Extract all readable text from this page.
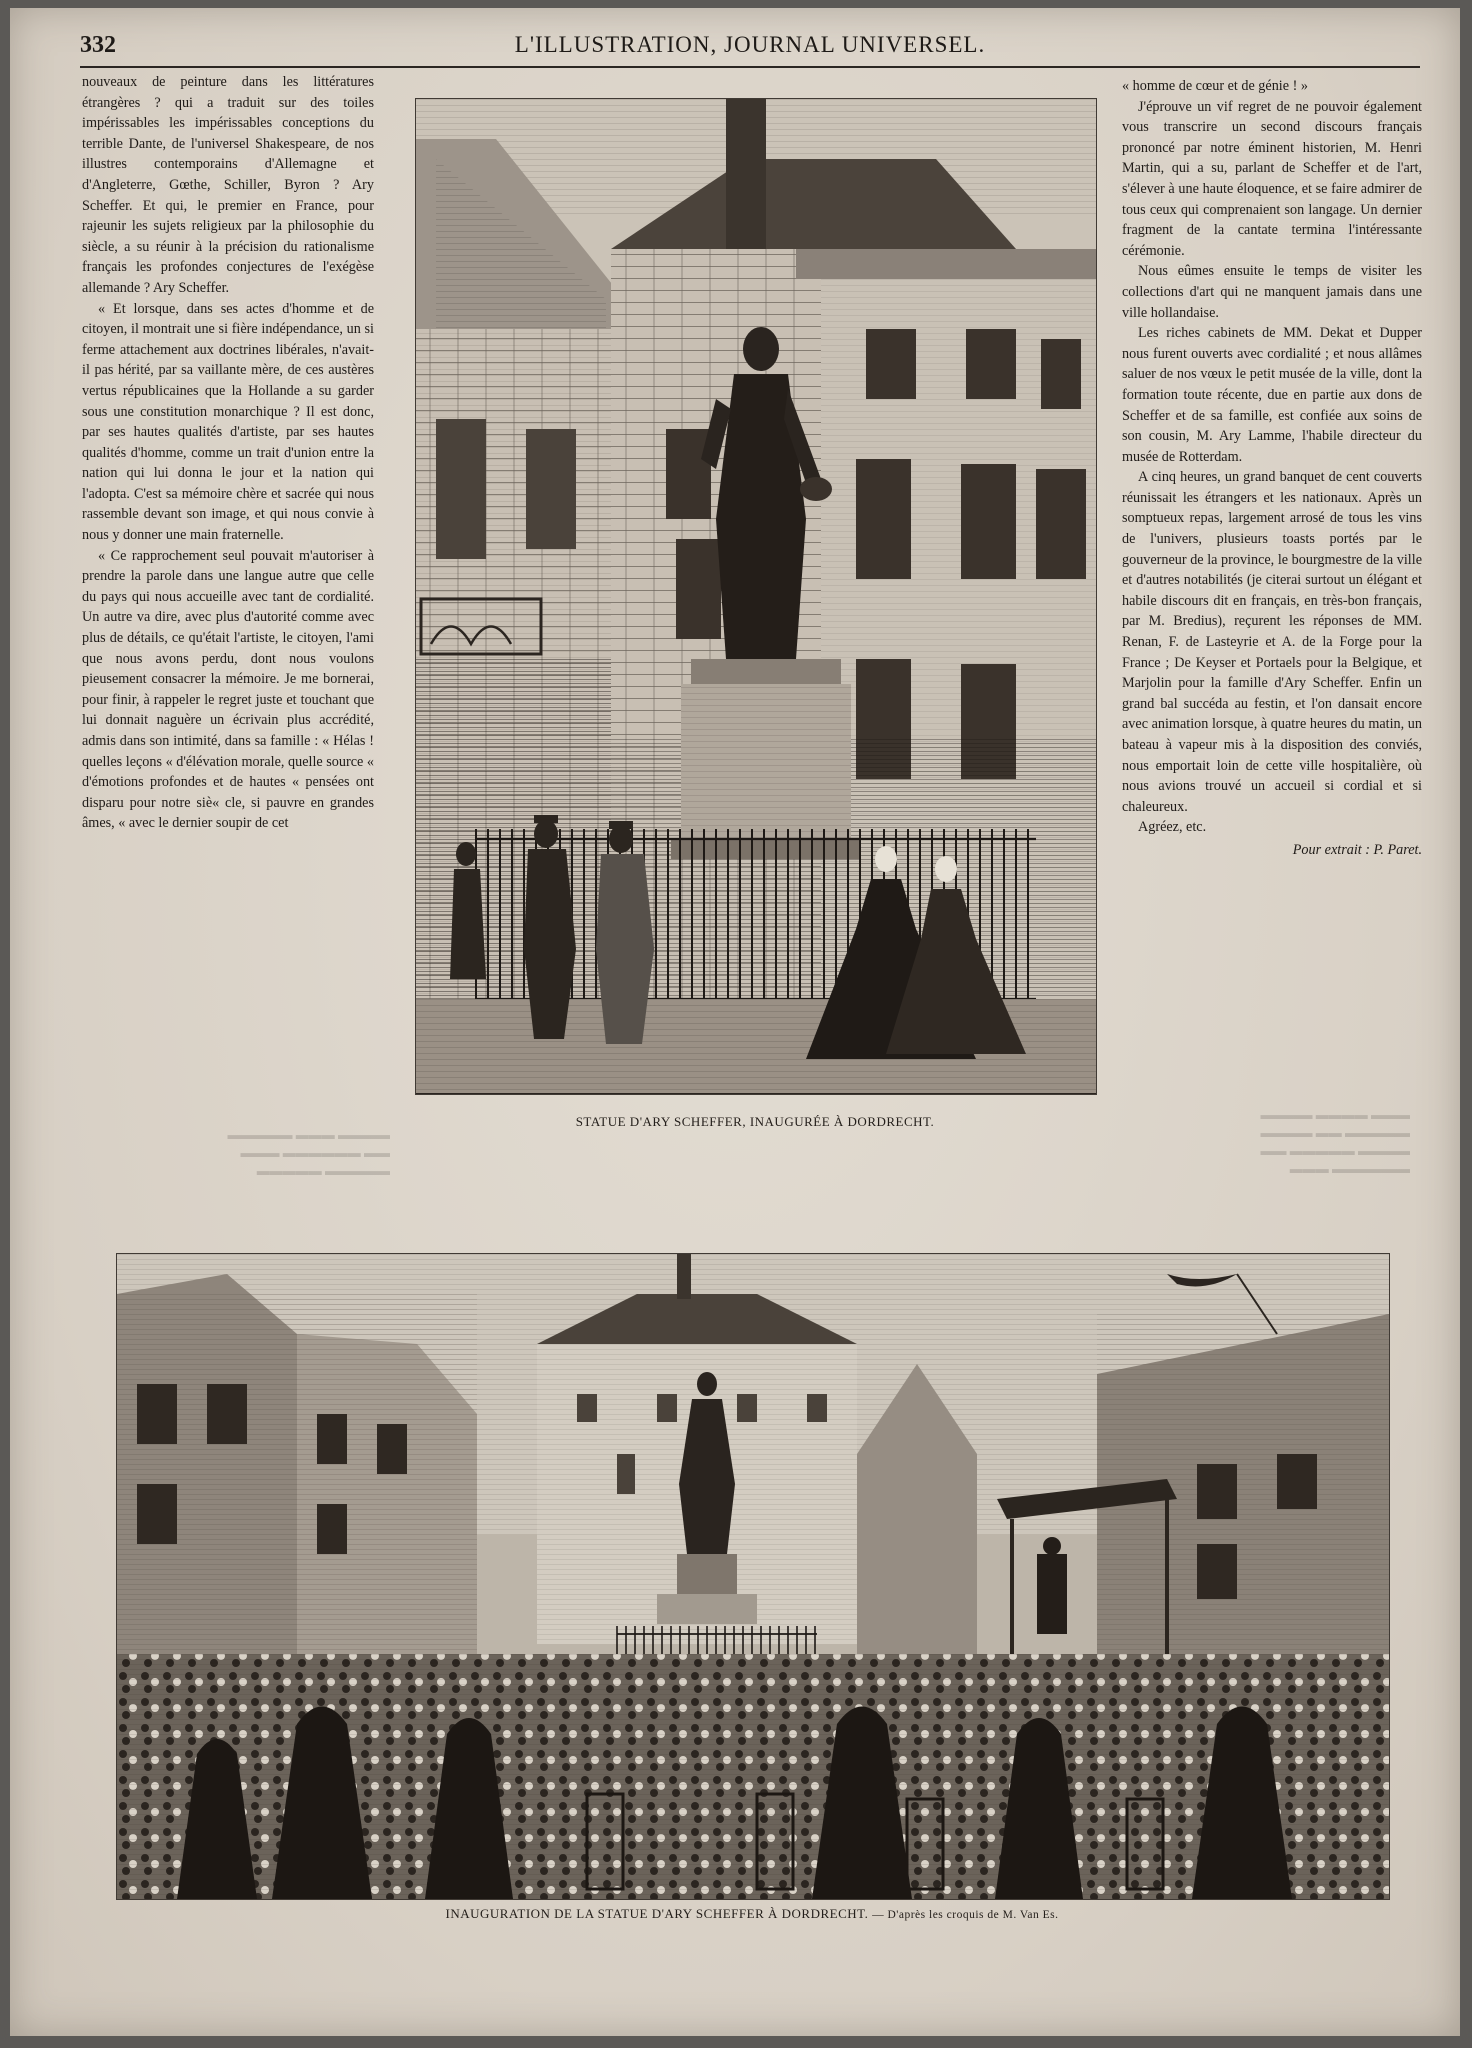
332	L'ILLUSTRATION, JOURNAL UNIVERSEL.

nouveaux de peinture dans les littératures étrangères ? qui a traduit sur des toiles impérissables les impérissables conceptions du terrible Dante, de l'universel Shakespeare, de nos illustres contemporains d'Allemagne et d'Angleterre, Gœthe, Schiller, Byron ? Ary Scheffer. Et qui, le premier en France, pour rajeunir les sujets religieux par la philosophie du siècle, a su réunir à la précision du rationalisme français les profondes conjectures de l'exégèse allemande ? Ary Scheffer.

« Et lorsque, dans ses actes d'homme et de citoyen, il montrait une si fière indépendance, un si ferme attachement aux doctrines libérales, n'avait-il pas hérité, par sa vaillante mère, de ces austères vertus républicaines que la Hollande a su garder sous une constitution monarchique ? Il est donc, par ses hautes qualités d'artiste, par ses hautes qualités d'homme, comme un trait d'union entre la nation qui lui donna le jour et la nation qui l'adopta. C'est sa mémoire chère et sacrée qui nous rassemble devant son image, et qui nous convie à nous y donner une main fraternelle.

« Ce rapprochement seul pouvait m'autoriser à prendre la parole dans une langue autre que celle du pays qui nous accueille avec tant de cordialité. Un autre va dire, avec plus d'autorité comme avec plus de détails, ce qu'était l'artiste, le citoyen, l'ami que nous avons perdu, dont nous voulons pieusement consacrer la mémoire. Je me bornerai, pour finir, à rappeler le regret juste et touchant que lui donnait naguère un écrivain plus accrédité, admis dans son intimité, dans sa famille : « Hélas ! quelles leçons « d'élévation morale, quelle source « d'émotions profondes et de hautes « pensées ont disparu pour notre siè« cle, si pauvre en grandes âmes, « avec le dernier soupir de cet

« homme de cœur et de génie ! »

J'éprouve un vif regret de ne pouvoir également vous transcrire un second discours français prononcé par notre éminent historien, M. Henri Martin, qui a su, parlant de Scheffer et de l'art, s'élever à une haute éloquence, et se faire admirer de tous ceux qui comprenaient son langage. Un dernier fragment de la cantate termina l'intéressante cérémonie.

Nous eûmes ensuite le temps de visiter les collections d'art qui ne manquent jamais dans une ville hollandaise.

Les riches cabinets de MM. Dekat et Dupper nous furent ouverts avec cordialité ; et nous allâmes saluer de nos vœux le petit musée de la ville, dont la formation toute récente, due en partie aux dons de Scheffer et de sa famille, est confiée aux soins de son cousin, M. Ary Lamme, l'habile directeur du musée de Rotterdam.

A cinq heures, un grand banquet de cent couverts réunissait les étrangers et les nationaux. Après un somptueux repas, largement arrosé de tous les vins de l'univers, plusieurs toasts portés par le gouverneur de la province, le bourgmestre de la ville et d'autres notabilités (je citerai surtout un élégant et habile discours dit en français, en très-bon français, par M. Bredius), reçurent les réponses de MM. Renan, F. de Lasteyrie et A. de la Forge pour la France ; De Keyser et Portaels pour la Belgique, et Marjolin pour la famille d'Ary Scheffer. Enfin un grand bal succéda au festin, et l'on dansait encore avec animation lorsque, à quatre heures du matin, un bateau à vapeur mis à la disposition des conviés, nous emportait loin de cette ville hospitalière, où nous avions trouvé un accueil si cordial et si chaleureux.

Agréez, etc.

Pour extrait : P. Paret.
▬▬▬▬ ▬▬▬ ▬▬▬▬▬
▬▬ ▬▬▬▬▬▬ ▬▬▬
▬▬▬▬▬ ▬▬▬▬▬
▬▬▬ ▬▬▬▬ ▬▬▬▬
▬▬▬▬▬ ▬▬ ▬▬▬▬
▬▬▬▬ ▬▬▬▬▬ ▬▬
▬▬▬▬▬▬ ▬▬▬
STATUE D'ARY SCHEFFER, INAUGURÉE À DORDRECHT.
INAUGURATION DE LA STATUE D'ARY SCHEFFER À DORDRECHT. — D'après les croquis de M. Van Es.
